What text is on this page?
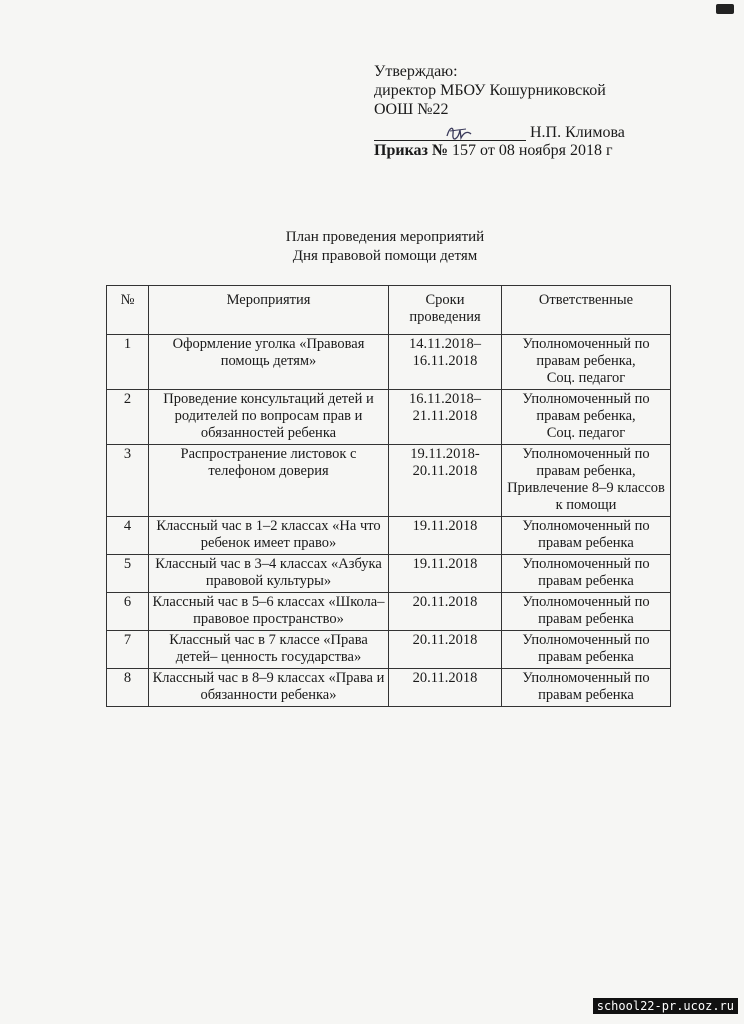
Утверждаю:
директор МБОУ Кошурниковской
ООШ №22
Н.П. Климова
Приказ № 157 от 08 ноября 2018 г
План проведения мероприятий
Дня правовой помощи детям
№	Мероприятия	Сроки проведения	Ответственные
1	Оформление уголка «Правовая помощь детям»	14.11.2018–16.11.2018	Уполномоченный по правам ребенка,
Соц. педагог

2	Проведение консультаций детей и родителей по вопросам прав и обязанностей ребенка	16.11.2018–21.11.2018	Уполномоченный по правам ребенка,
Соц. педагог

3	Распространение листовок с телефоном доверия	19.11.2018-20.11.2018	Уполномоченный по правам ребенка,
Привлечение 8–9 классов к помощи

4	Классный час в 1–2 классах «На что ребенок имеет право»	19.11.2018	Уполномоченный по правам ребенка

5	Классный час в 3–4 классах «Азбука правовой культуры»	19.11.2018	Уполномоченный по правам ребенка

6	Классный час в 5–6 классах «Школа– правовое пространство»	20.11.2018	Уполномоченный по правам ребенка

7	Классный час в 7 классе «Права детей– ценность государства»	20.11.2018	Уполномоченный по правам ребенка

8	Классный час в 8–9 классах «Права и обязанности ребенка»	20.11.2018	Уполномоченный по правам ребенка
school22-pr.ucoz.ru
